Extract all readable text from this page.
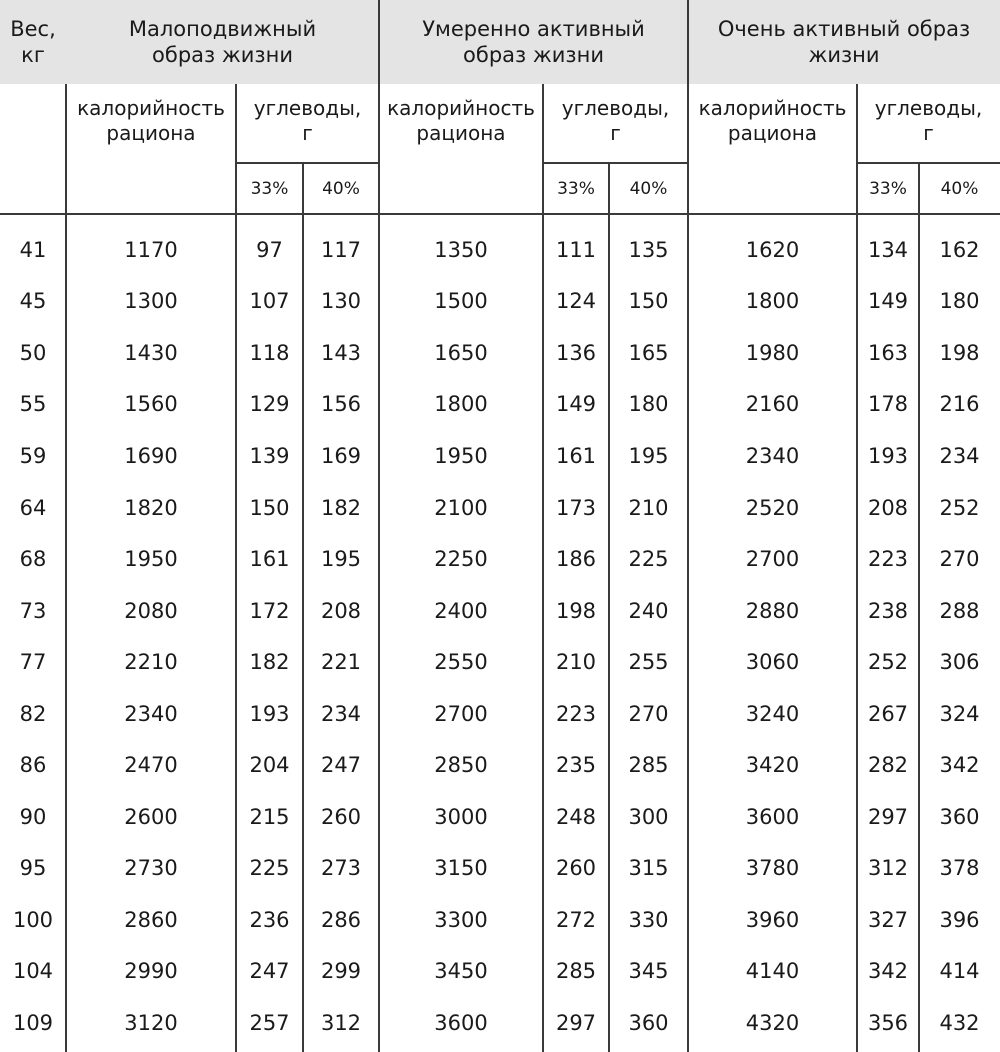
Вес, кг
Малоподвижный образ жизни
Умеренно активный образ жизни
Очень активный образ жизни
калорийность рациона
углеводы, г
33%	40%
калорийность рациона
углеводы, г
33%	40%
калорийность рациона
углеводы, г
33%	40%
41	1170	97	117	1350	111	135	1620	134	162
45	1300	107	130	1500	124	150	1800	149	180
50	1430	118	143	1650	136	165	1980	163	198
55	1560	129	156	1800	149	180	2160	178	216
59	1690	139	169	1950	161	195	2340	193	234
64	1820	150	182	2100	173	210	2520	208	252
68	1950	161	195	2250	186	225	2700	223	270
73	2080	172	208	2400	198	240	2880	238	288
77	2210	182	221	2550	210	255	3060	252	306
82	2340	193	234	2700	223	270	3240	267	324
86	2470	204	247	2850	235	285	3420	282	342
90	2600	215	260	3000	248	300	3600	297	360
95	2730	225	273	3150	260	315	3780	312	378
100	2860	236	286	3300	272	330	3960	327	396
104	2990	247	299	3450	285	345	4140	342	414
109	3120	257	312	3600	297	360	4320	356	432
